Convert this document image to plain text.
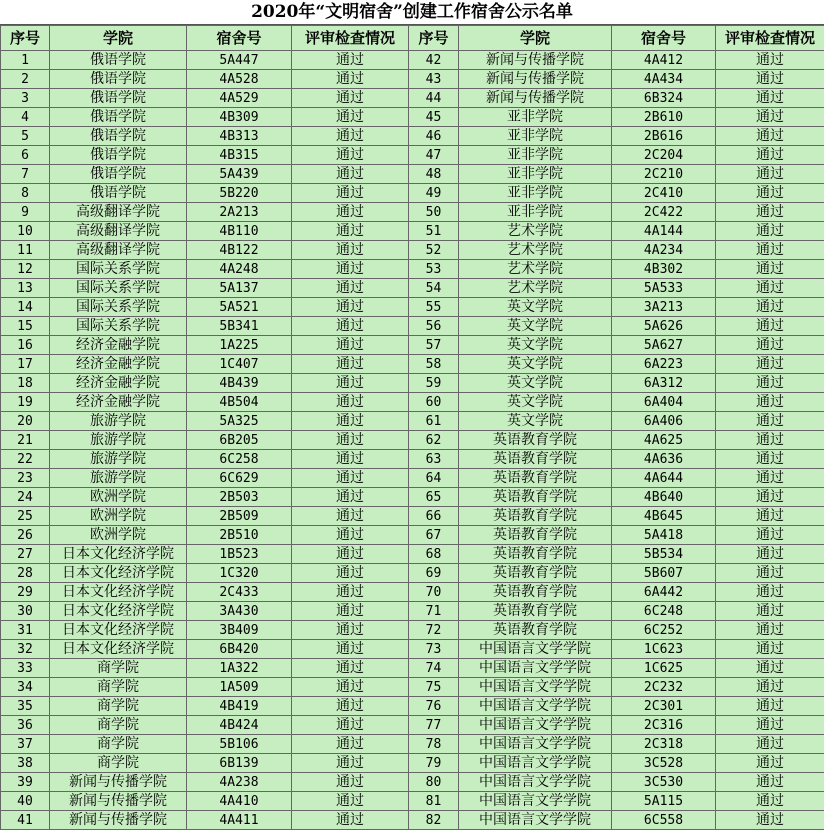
2020年“文明宿舍”创建工作宿舍公示名单
序号	学院	宿舍号	评审检查情况	序号	学院	宿舍号	评审检查情况
1	俄语学院	5A447	通过	42	新闻与传播学院	4A412	通过
2	俄语学院	4A528	通过	43	新闻与传播学院	4A434	通过
3	俄语学院	4A529	通过	44	新闻与传播学院	6B324	通过
4	俄语学院	4B309	通过	45	亚非学院	2B610	通过
5	俄语学院	4B313	通过	46	亚非学院	2B616	通过
6	俄语学院	4B315	通过	47	亚非学院	2C204	通过
7	俄语学院	5A439	通过	48	亚非学院	2C210	通过
8	俄语学院	5B220	通过	49	亚非学院	2C410	通过
9	高级翻译学院	2A213	通过	50	亚非学院	2C422	通过
10	高级翻译学院	4B110	通过	51	艺术学院	4A144	通过
11	高级翻译学院	4B122	通过	52	艺术学院	4A234	通过
12	国际关系学院	4A248	通过	53	艺术学院	4B302	通过
13	国际关系学院	5A137	通过	54	艺术学院	5A533	通过
14	国际关系学院	5A521	通过	55	英文学院	3A213	通过
15	国际关系学院	5B341	通过	56	英文学院	5A626	通过
16	经济金融学院	1A225	通过	57	英文学院	5A627	通过
17	经济金融学院	1C407	通过	58	英文学院	6A223	通过
18	经济金融学院	4B439	通过	59	英文学院	6A312	通过
19	经济金融学院	4B504	通过	60	英文学院	6A404	通过
20	旅游学院	5A325	通过	61	英文学院	6A406	通过
21	旅游学院	6B205	通过	62	英语教育学院	4A625	通过
22	旅游学院	6C258	通过	63	英语教育学院	4A636	通过
23	旅游学院	6C629	通过	64	英语教育学院	4A644	通过
24	欧洲学院	2B503	通过	65	英语教育学院	4B640	通过
25	欧洲学院	2B509	通过	66	英语教育学院	4B645	通过
26	欧洲学院	2B510	通过	67	英语教育学院	5A418	通过
27	日本文化经济学院	1B523	通过	68	英语教育学院	5B534	通过
28	日本文化经济学院	1C320	通过	69	英语教育学院	5B607	通过
29	日本文化经济学院	2C433	通过	70	英语教育学院	6A442	通过
30	日本文化经济学院	3A430	通过	71	英语教育学院	6C248	通过
31	日本文化经济学院	3B409	通过	72	英语教育学院	6C252	通过
32	日本文化经济学院	6B420	通过	73	中国语言文学学院	1C623	通过
33	商学院	1A322	通过	74	中国语言文学学院	1C625	通过
34	商学院	1A509	通过	75	中国语言文学学院	2C232	通过
35	商学院	4B419	通过	76	中国语言文学学院	2C301	通过
36	商学院	4B424	通过	77	中国语言文学学院	2C316	通过
37	商学院	5B106	通过	78	中国语言文学学院	2C318	通过
38	商学院	6B139	通过	79	中国语言文学学院	3C528	通过
39	新闻与传播学院	4A238	通过	80	中国语言文学学院	3C530	通过
40	新闻与传播学院	4A410	通过	81	中国语言文学学院	5A115	通过
41	新闻与传播学院	4A411	通过	82	中国语言文学学院	6C558	通过
